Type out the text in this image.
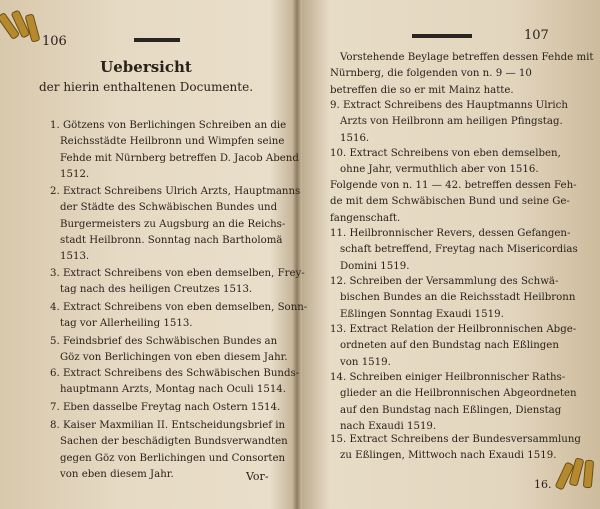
106
Uebersicht
der hierin enthaltenen Documente.
1. Götzens von Berlichingen Schreiben an die
Reichsstädte Heilbronn und Wimpfen seine
Fehde mit Nürnberg betreffen D. Jacob Abend
1512.
2. Extract Schreibens Ulrich Arzts, Hauptmanns
der Städte des Schwäbischen Bundes und
Burgermeisters zu Augsburg an die Reichs-
stadt Heilbronn. Sonntag nach Bartholomä
1513.
3. Extract Schreibens von eben demselben, Frey-
tag nach des heiligen Creutzes 1513.
4. Extract Schreibens von eben demselben, Sonn-
tag vor Allerheiling 1513.
5. Feindsbrief des Schwäbischen Bundes an
Göz von Berlichingen von eben diesem Jahr.
6. Extract Schreibens des Schwäbischen Bunds-
hauptmann Arzts, Montag nach Oculi 1514.
7. Eben dasselbe Freytag nach Ostern 1514.
8. Kaiser Maxmilian II. Entscheidungsbrief in
Sachen der beschädigten Bundsverwandten
gegen Göz von Berlichingen und Consorten
von eben diesem Jahr.	Vor-
107
Vorstehende Beylage betreffen dessen Fehde mit
Nürnberg, die folgenden von n. 9 — 10
betreffen die so er mit Mainz hatte.
9. Extract Schreibens des Hauptmanns Ulrich
Arzts von Heilbronn am heiligen Pfingstag.
1516.
10. Extract Schreibens von eben demselben,
ohne Jahr, vermuthlich aber von 1516.
Folgende von n. 11 — 42. betreffen dessen Feh-
de mit dem Schwäbischen Bund und seine Ge-
fangenschaft.
11. Heilbronnischer Revers, dessen Gefangen-
schaft betreffend, Freytag nach Misericordias
Domini 1519.
12. Schreiben der Versammlung des Schwä-
bischen Bundes an die Reichsstadt Heilbronn
Eßlingen Sonntag Exaudi 1519.
13. Extract Relation der Heilbronnischen Abge-
ordneten auf den Bundstag nach Eßlingen
von 1519.
14. Schreiben einiger Heilbronnischer Raths-
glieder an die Heilbronnischen Abgeordneten
auf den Bundstag nach Eßlingen, Dienstag
nach Exaudi 1519.
15. Extract Schreibens der Bundesversammlung
zu Eßlingen, Mittwoch nach Exaudi 1519.
16.
